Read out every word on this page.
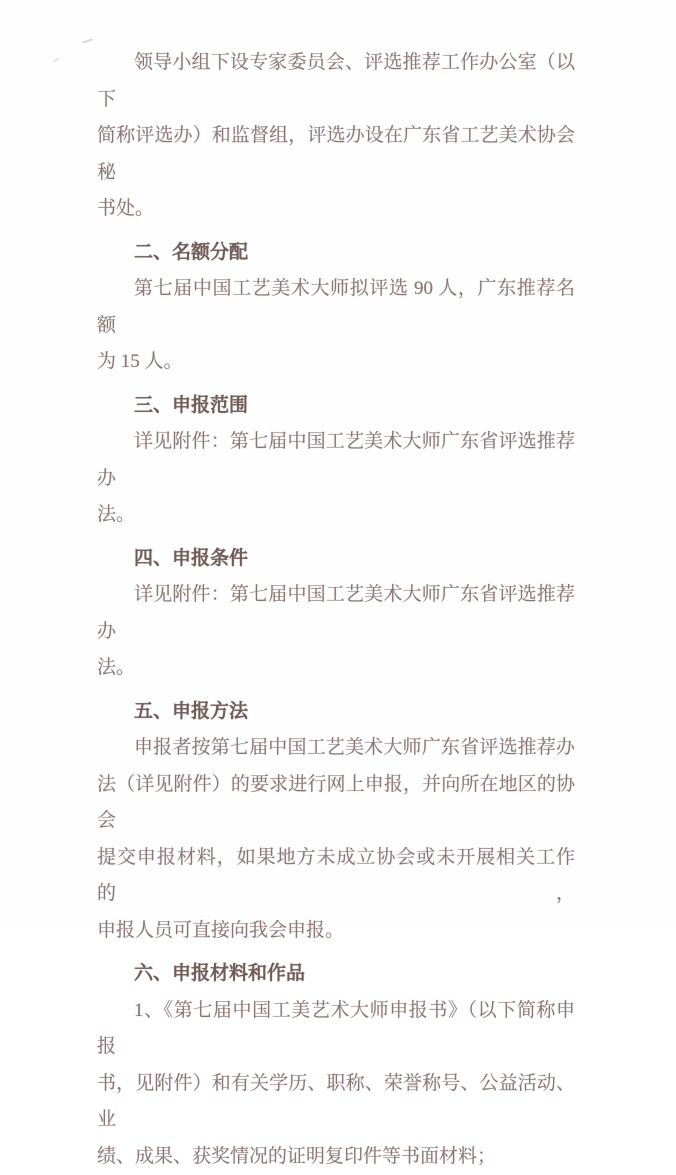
领导小组下设专家委员会、评选推荐工作办公室（以下
简称评选办）和监督组，评选办设在广东省工艺美术协会秘
书处。
二、名额分配
第七届中国工艺美术大师拟评选 90 人，广东推荐名额
为 15 人。
三、申报范围
详见附件：第七届中国工艺美术大师广东省评选推荐办
法。
四、申报条件
详见附件：第七届中国工艺美术大师广东省评选推荐办
法。
五、申报方法
申报者按第七届中国工艺美术大师广东省评选推荐办
法（详见附件）的要求进行网上申报，并向所在地区的协会
提交申报材料，如果地方未成立协会或未开展相关工作的，
申报人员可直接向我会申报。
六、申报材料和作品
1、《第七届中国工美艺术大师申报书》（以下简称申报
书，见附件）和有关学历、职称、荣誉称号、公益活动、业
绩、成果、获奖情况的证明复印件等书面材料；
